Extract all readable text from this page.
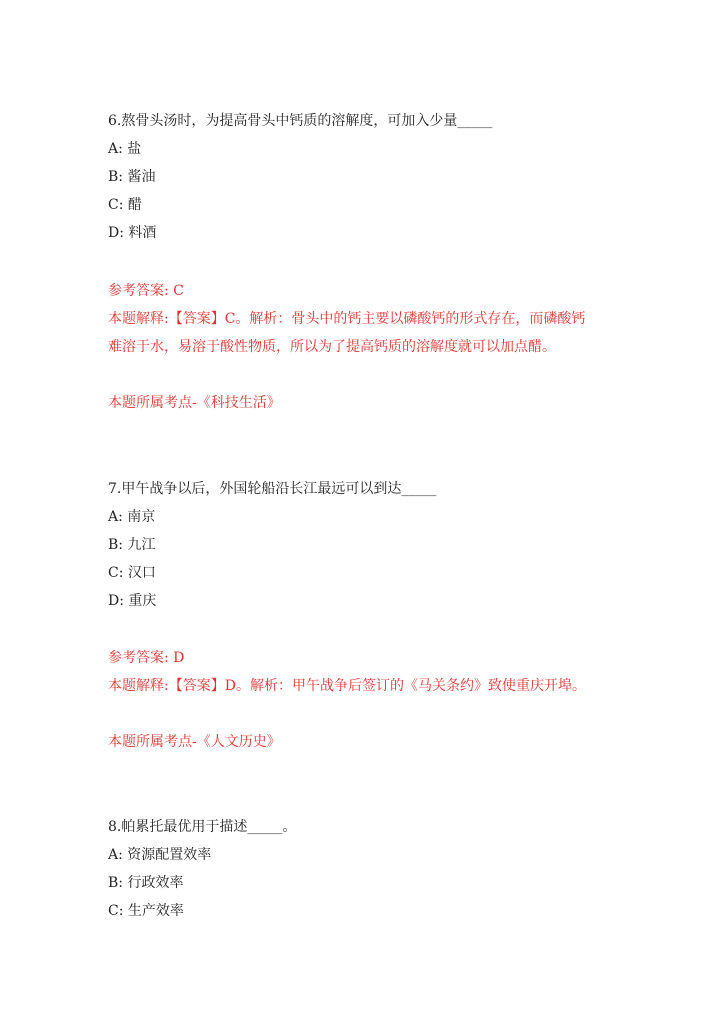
6.熬骨头汤时，为提高骨头中钙质的溶解度，可加入少量_____
A: 盐
B: 酱油
C: 醋
D: 料酒
参考答案: C
本题解释:【答案】C。解析：骨头中的钙主要以磷酸钙的形式存在，而磷酸钙
难溶于水，易溶于酸性物质，所以为了提高钙质的溶解度就可以加点醋。
本题所属考点-《科技生活》
7.甲午战争以后，外国轮船沿长江最远可以到达_____
A: 南京
B: 九江
C: 汉口
D: 重庆
参考答案: D
本题解释:【答案】D。解析：甲午战争后签订的《马关条约》致使重庆开埠。
本题所属考点-《人文历史》
8.帕累托最优用于描述_____。
A: 资源配置效率
B: 行政效率
C: 生产效率
